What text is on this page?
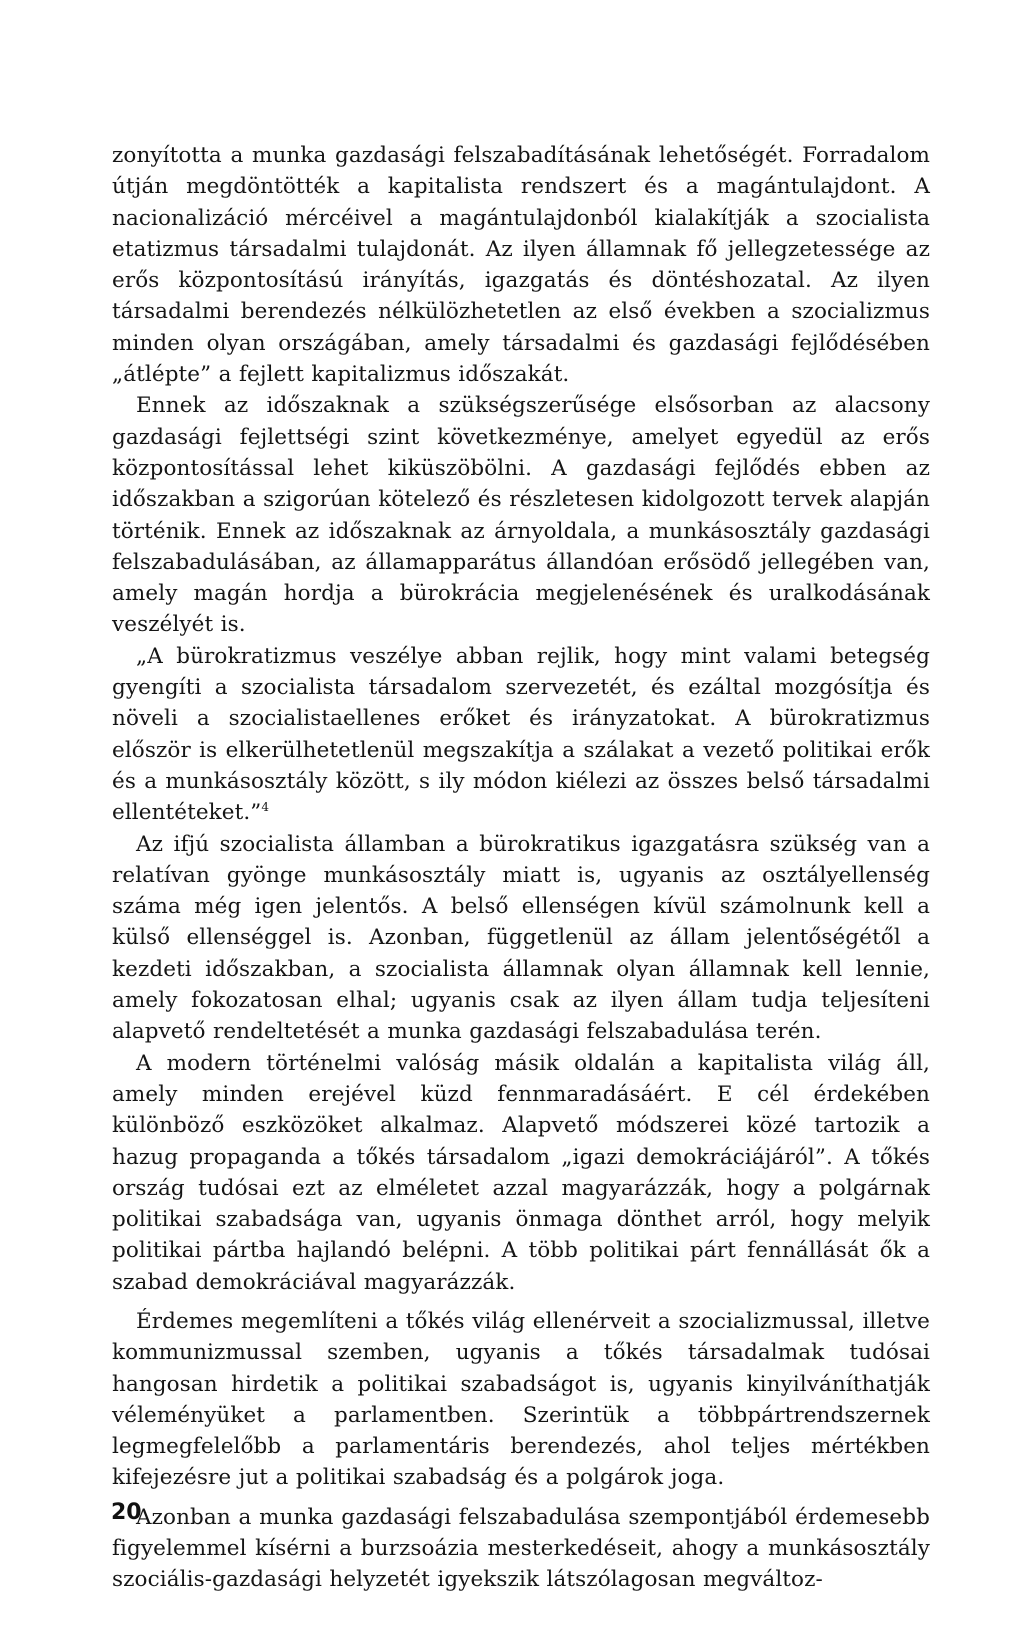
zonyította a munka gazdasági felszabadításának lehetőségét. Forradalom útján megdöntötték a kapitalista rendszert és a magántulajdont. A nacionalizáció mércéivel a magántulajdonból kialakítják a szocialista etatizmus társadalmi tulajdonát. Az ilyen államnak fő jellegzetessége az erős központosítású irányítás, igazgatás és döntéshozatal. Az ilyen társadalmi berendezés nélkülözhetetlen az első években a szocializmus minden olyan országában, amely társadalmi és gazdasági fejlődésében „átlépte” a fejlett kapitalizmus időszakát.

Ennek az időszaknak a szükségszerűsége elsősorban az alacsony gazdasági fejlettségi szint következménye, amelyet egyedül az erős központosítással lehet kiküszöbölni. A gazdasági fejlődés ebben az időszakban a szigorúan kötelező és részletesen kidolgozott tervek alapján történik. Ennek az időszaknak az árnyoldala, a munkásosztály gazdasági felszabadulásában, az államapparátus állandóan erősödő jellegében van, amely magán hordja a bürokrácia megjelenésének és uralkodásának veszélyét is.

„A bürokratizmus veszélye abban rejlik, hogy mint valami betegség gyengíti a szocialista társadalom szervezetét, és ezáltal mozgósítja és növeli a szocialistaellenes erőket és irányzatokat. A bürokratizmus először is elkerülhetetlenül megszakítja a szálakat a vezető politikai erők és a munkásosztály között, s ily módon kiélezi az összes belső társadalmi ellentéteket.”$^4$

Az ifjú szocialista államban a bürokratikus igazgatásra szükség van a relatívan gyönge munkásosztály miatt is, ugyanis az osztályellenség száma még igen jelentős. A belső ellenségen kívül számolnunk kell a külső ellenséggel is. Azonban, függetlenül az állam jelentőségétől a kezdeti időszakban, a szocialista államnak olyan államnak kell lennie, amely fokozatosan elhal; ugyanis csak az ilyen állam tudja teljesíteni alapvető rendeltetését a munka gazdasági felszabadulása terén.

A modern történelmi valóság másik oldalán a kapitalista világ áll, amely minden erejével küzd fennmaradásáért. E cél érdekében különböző eszközöket alkalmaz. Alapvető módszerei közé tartozik a hazug propaganda a tőkés társadalom „igazi demokráciájáról”. A tőkés ország tudósai ezt az elméletet azzal magyarázzák, hogy a polgárnak politikai szabadsága van, ugyanis önmaga dönthet arról, hogy melyik politikai pártba hajlandó belépni. A több politikai párt fennállását ők a szabad demokráciával magyarázzák.

Érdemes megemlíteni a tőkés világ ellenérveit a szocializmussal, illetve kommunizmussal szemben, ugyanis a tőkés társadalmak tudósai hangosan hirdetik a politikai szabadságot is, ugyanis kinyilváníthatják véleményüket a parlamentben. Szerintük a többpártrendszernek legmegfelelőbb a parlamentáris berendezés, ahol teljes mértékben kifejezésre jut a politikai szabadság és a polgárok joga.

Azonban a munka gazdasági felszabadulása szempontjából érdemesebb figyelemmel kísérni a burzsoázia mesterkedéseit, ahogy a munkásosztály szociális-gazdasági helyzetét igyekszik látszólagosan megváltoz-

20
